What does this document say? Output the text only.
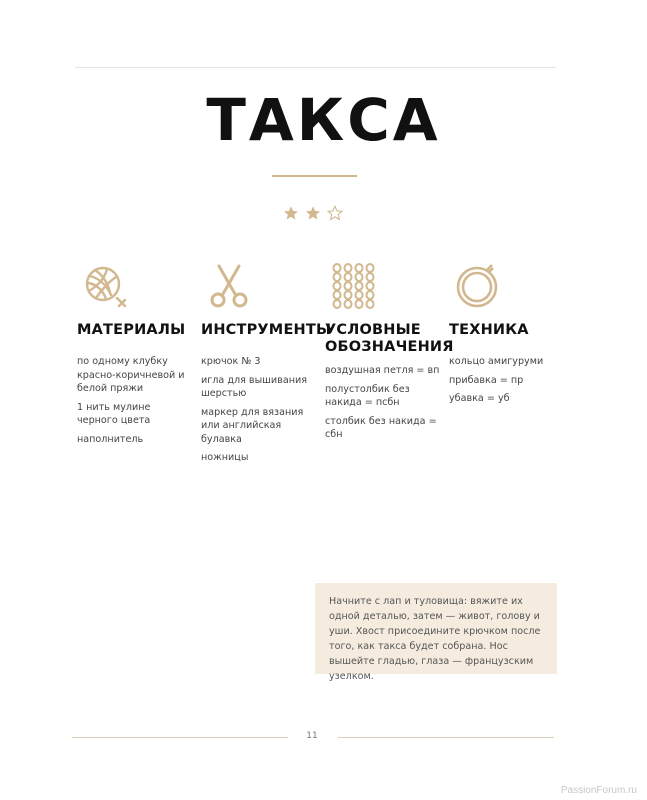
ТАКСА
МАТЕРИАЛЫ
по одному клубку красно-коричневой и белой пряжи
1 нить мулине черного цвета
наполнитель
ИНСТРУМЕНТЫ
крючок № 3
игла для вышивания шерстью
маркер для вязания или английская булавка
ножницы
УСЛОВНЫЕ ОБОЗНАЧЕНИЯ
воздушная петля = вп
полустолбик без накида = псбн
столбик без накида = сбн
ТЕХНИКА
кольцо амигуруми
прибавка = пр
убавка = уб
Начните с лап и туловища: вяжите их одной деталью, затем — живот, голову и уши. Хвост присоедините крючком после того, как такса будет собрана. Нос вышейте гладью, глаза — французским узелком.
11
PassionForum.ru
